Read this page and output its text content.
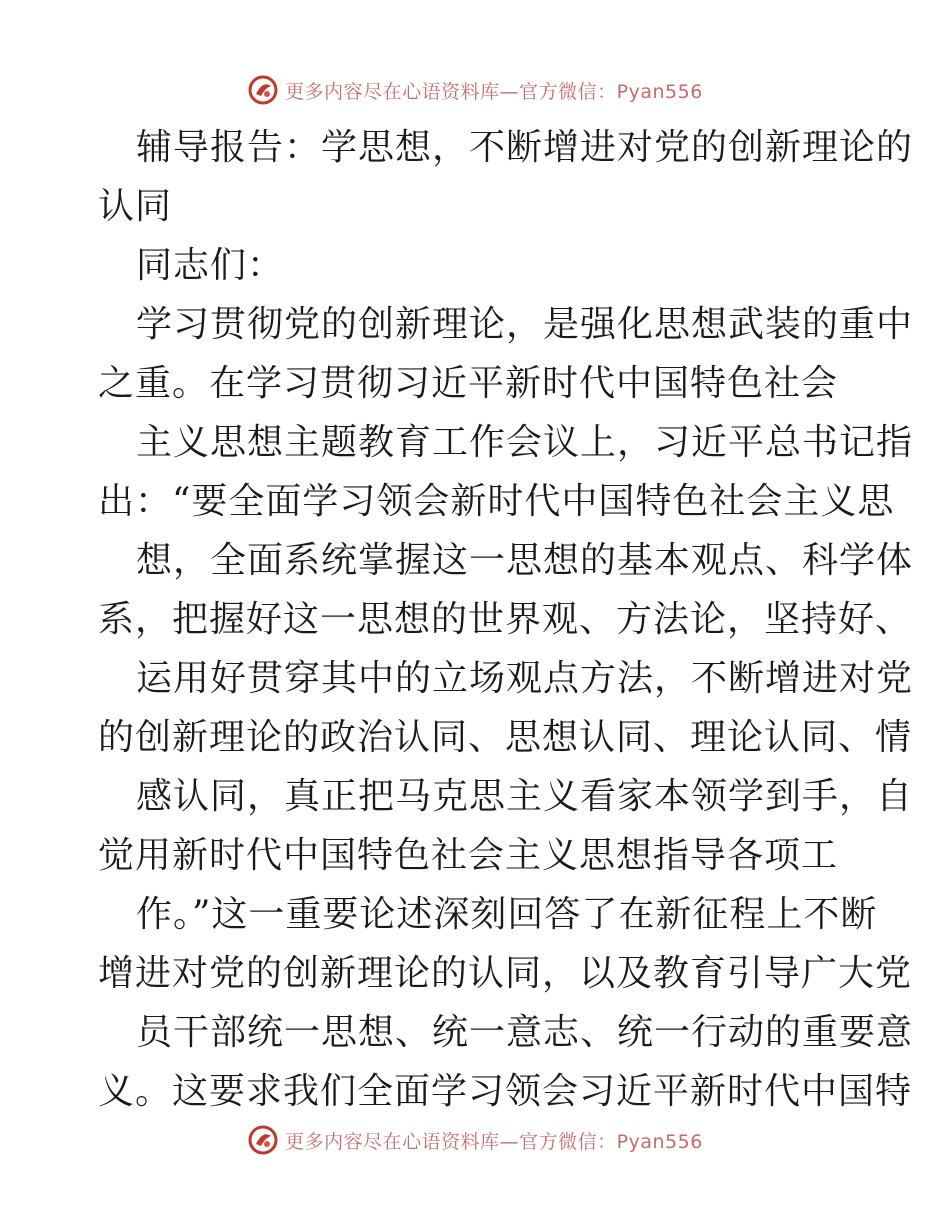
更多内容尽在心语资料库—官方微信：Pyan556
辅导报告：学思想，不断增进对党的创新理论的
认同
同志们：
学习贯彻党的创新理论，是强化思想武装的重中
之重。在学习贯彻习近平新时代中国特色社会
主义思想主题教育工作会议上，习近平总书记指
出：“要全面学习领会新时代中国特色社会主义思
想，全面系统掌握这一思想的基本观点、科学体
系，把握好这一思想的世界观、方法论，坚持好、
运用好贯穿其中的立场观点方法，不断增进对党
的创新理论的政治认同、思想认同、理论认同、情
感认同，真正把马克思主义看家本领学到手，自
觉用新时代中国特色社会主义思想指导各项工
作。”这一重要论述深刻回答了在新征程上不断
增进对党的创新理论的认同，以及教育引导广大党
员干部统一思想、统一意志、统一行动的重要意
义。这要求我们全面学习领会习近平新时代中国特
更多内容尽在心语资料库—官方微信：Pyan556
